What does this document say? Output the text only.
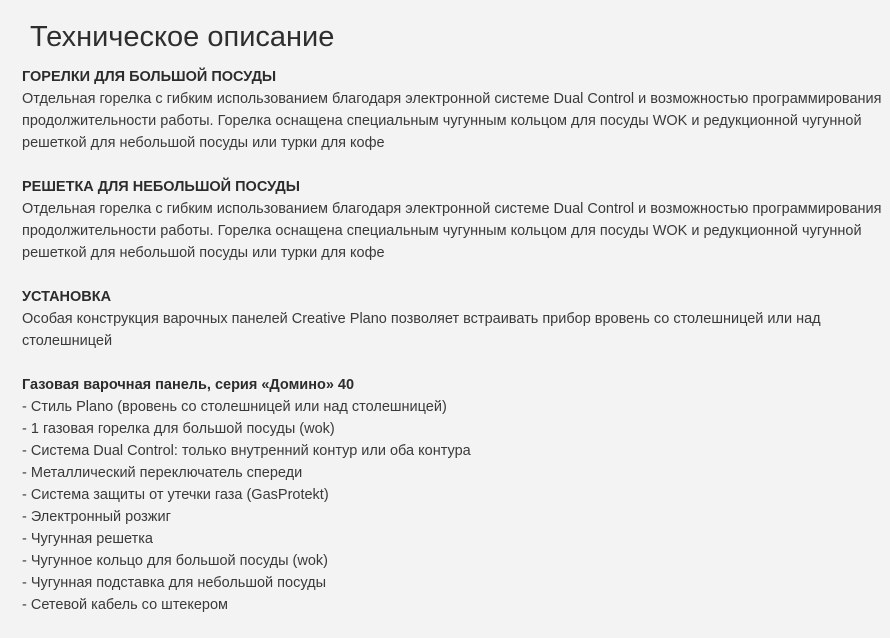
Техническое описание
ГОРЕЛКИ ДЛЯ БОЛЬШОЙ ПОСУДЫ
Отдельная горелка с гибким использованием благодаря электронной системе Dual Control и возможностью программирования продолжительности работы. Горелка оснащена специальным чугунным кольцом для посуды WOK и редукционной чугунной решеткой для небольшой посуды или турки для кофе
РЕШЕТКА ДЛЯ НЕБОЛЬШОЙ ПОСУДЫ
Отдельная горелка с гибким использованием благодаря электронной системе Dual Control и возможностью программирования продолжительности работы. Горелка оснащена специальным чугунным кольцом для посуды WOK и редукционной чугунной решеткой для небольшой посуды или турки для кофе
УСТАНОВКА
Особая конструкция варочных панелей Creative Plano позволяет встраивать прибор вровень со столешницей или над столешницей
Газовая варочная панель, серия «Домино» 40
- Стиль Plano (вровень со столешницей или над столешницей)
- 1 газовая горелка для большой посуды (wok)
- Система Dual Control: только внутренний контур или оба контура
- Металлический переключатель спереди
- Система защиты от утечки газа (GasProtekt)
- Электронный розжиг
- Чугунная решетка
- Чугунное кольцо для большой посуды (wok)
- Чугунная подставка для небольшой посуды
- Сетевой кабель со штекером
